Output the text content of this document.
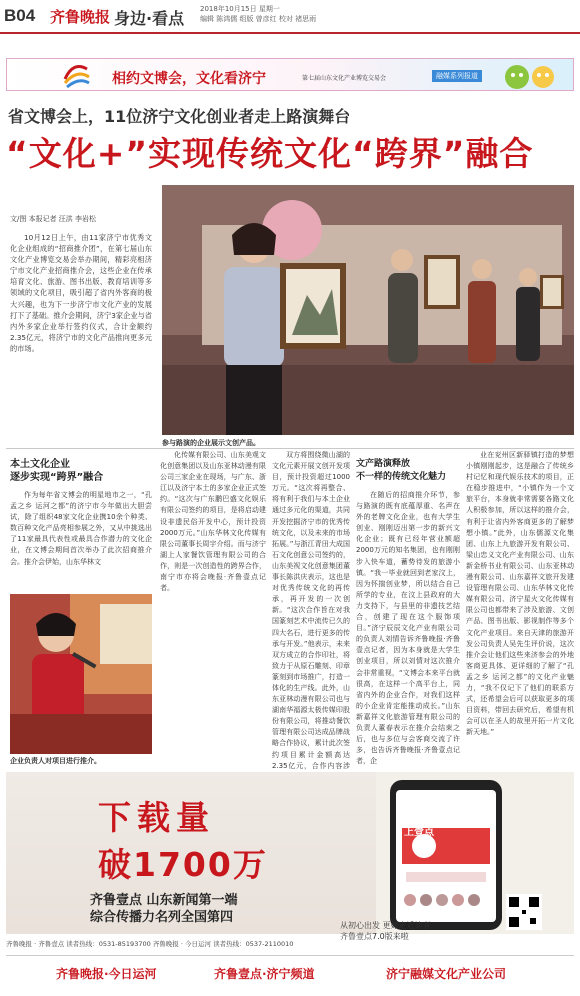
B04 齐鲁晚报 身边·看点 2018年10月15日 星期一
编辑 陈鸿儒 组版 曾彦红 校对 褚思雨
相约文博会，文化看济宁	第七届山东文化产业博览交易会	融媒系列报道
省文博会上，11位济宁文化创业者走上路演舞台
“文化+”实现传统文化“跨界”融合
文/图 本报记者 汪洪 李岩松
10月12日上午，由11家济宁市优秀文化企业组成的“招商推介团”，在第七届山东文化产业博览交易会举办期间，精彩亮相济宁市文化产业招商推介会，这些企业在传承培育文化、旅游、图书出版、教育培训等多领域的文化项目，吸引超了省内外客商的极大兴趣，也为下一步济宁市文化产业的发展打下了基础。推介会期间，济宁3家企业与省内外多家企业举行签约仪式，合计金额约2.35亿元，将济宁市的文化产品推向更多元的市场。
参与路演的企业展示文创产品。
本土文化企业
逐步实现“跨界”融合
作为每年省文博会的明星地市之一，“孔孟之乡 运河之都”的济宁市今年做出大胆尝试，除了组织48家文化企业携10余个种类、数百种文化产品亮相参展之外，又从中挑选出了11家最具代表性或最具合作潜力的文化企业，在文博会期间首次举办了此次招商推介会。推介会伊始，山东华林文
企业负责人对项目进行推介。
化传媒有限公司、山东美观文化创意集团以及山东亚林动漫有限公司三家企业在现场，与广东、浙江以及济宁本土的多家企业正式签约。“这次与广东鹏巴盛文化娱乐有限公司签约的项目，是将启动建设非遗民俗开发中心，预计投资2000万元。”山东华林文化传媒有限公司董事长周宇介绍。而与济宁湖上人家餐饮管理有限公司的合作，则是一次创造性的跨界合作，南宁市亦将会晚报·齐鲁壹点记者。
双方将围绕微山湖的文化元素开展文创开发项目，预计投资超过1000万元。“这次将再整合、将有利于我们与本土企业通过多元化的渠道，共同开发挖掘济宁市的优秀传统文化，以及未来的市场拓展。”与浙江青田大成国石文化创意公司签约的，山东美视文化创意集团董事长陈洪庆表示，这也是对优秀传统文化的再传承，再开发的一次创新。“这次合作旨在对我国篆刻艺术中流传已久的四大名石，进行更多的传承与开发。”他表示，未来双方成立的合作印社，将致力于从原石雕刻、印章篆刻到市场推广，打造一体化的生产线。此外，山东亚林动漫有限公司也与湖南华福源太极传媒印股份有限公司，将推动餐饮管理有限公司达成品牌战略合作协议，累计此次签约项目累计金额高达2.35亿元，合作内容涉
文产路演释放
不一样的传统文化魅力
在随后的招商推介环节，参与路演的既有底蕴厚重、名声在外的老牌文化企业，也有大学生创业、刚刚迈出第一步的新兴文化企业；既有已经年营业额超2000万元的知名集团，也有刚刚步入快车道，蓄势待发的旅游小镇。“我一毕业就回到老家汶上，因为怀揣创业梦，所以结合自己所学的专业，在汶上县政府的大力支持下，与县里的非遗技艺结合，创建了现在这个服饰项目。”济宁辰辰文化产业有限公司的负责人刘情告诉齐鲁晚报·齐鲁壹点记者，因为本身就是大学生创业项目，所以刘情对这次推介会非常重视，“文博会本来平台就很高，在这样一个高平台上，同省内外的企业合作，对我们这样的小企业肯定能推动成长。”山东新嘉祥文化旅游管理有限公司的负责人董春表示在推介会结束之后，也与多位与会客商交流了许多，也告诉齐鲁晚报·齐鲁壹点记者，企
业在兖州区新驿镇打造的梦想小镇刚刚起步，这是融合了传统乡村记忆和现代娱乐技术的项目，正在稳步推进中，“小镇作为一个文旅平台，本身就非常需要各路文化人积极参加，所以这样的推介会，有利于让省内外客商更多的了解梦想小镇。”此外，山东儒源文化集团、山东上九旅游开发有限公司、梁山忠义文化产业有限公司、山东新金桥书业有限公司、山东亚林动漫有限公司、山东嘉祥文旅开发建设管理有限公司、山东华林文化传媒有限公司、济宁星火文化传媒有限公司也都带来了涉及旅游、文创产品、图书出版、影视制作等多个文化产业项目。来自天津的旅游开发公司负责人吴先生评价说，这次推介会让他们这些来济参会的外地客商更具体、更详细的了解了“孔孟之乡 运河之都”的文化产业魅力，“我不仅记下了他们的联系方式，还希望会后可以获取更多的项目资料，带回去研究后，希望有机会可以在圣人的故里开拓一片文化新天地。”
找记者
上壹点
下载量
破1700万
齐鲁壹点 山东新闻第一端
综合传播力名列全国第四
从初心出发 更好走近读者
齐鲁壹点7.0版来啦
齐鲁晚报 · 齐鲁壹点 读者热线：0531-85193700 齐鲁晚报 · 今日运河 读者热线：0537-2110010
齐鲁晚报·今日运河	齐鲁壹点·济宁频道	济宁融媒文化产业公司
